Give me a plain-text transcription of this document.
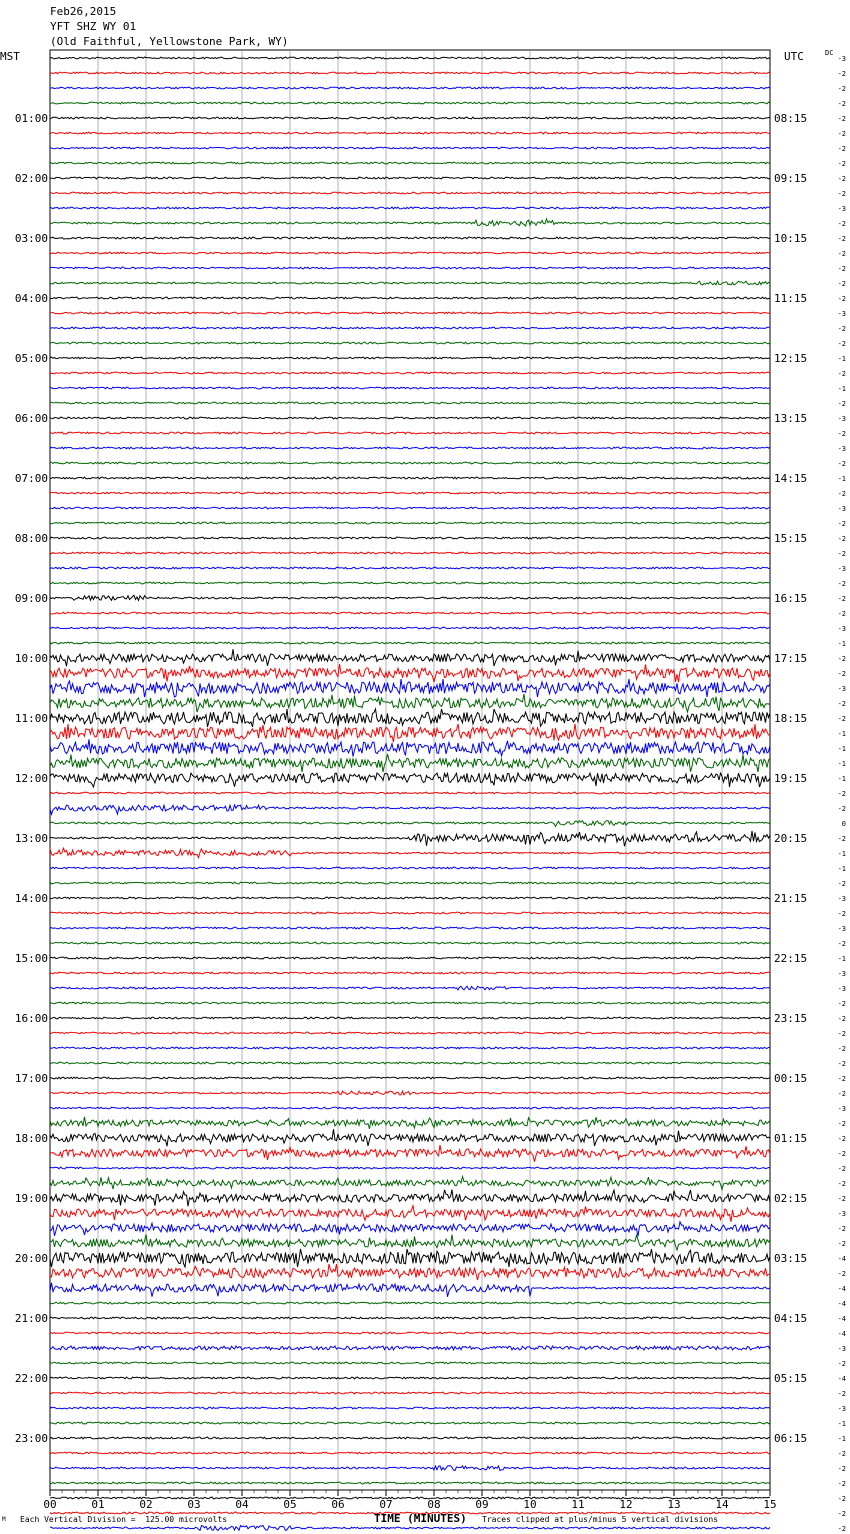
Feb26,2015
YFT SHZ WY 01
(Old Faithful, Yellowstone Park, WY)
MST	UTC	DC
00	01	02	03	04	05	06	07	08	09	10	11	12	13	14	15
-3
-2
-2
-2
-2
-2
-2
-2
-2
-2
-3
-2
-2
-2
-2
-2
-2
-3
-2
-2
-1
-2
-1
-2
-3
-2
-3
-2
-1
-2
-3
-2
-2
-2
-3
-2
-2
-2
-3
-1
-2
-2
-3
-2
-2
-1
-1
-1
-1
-2
-2
0
-2
-1
-1
-2
-3
-2
-3
-2
-1
-3
-3
-2
-2
-2
-2
-2
-2
-2
-3
-2
-2
-2
-2
-2
-2
-3
-2
-2
-4
-2
-4
-4
-4
-4
-3
-2
-4
-2
-3
-1
-1
-2
-2
-2
-2
-2
-2
01:00	08:15
02:00	09:15
03:00	10:15
04:00	11:15
05:00	12:15
06:00	13:15
07:00	14:15
08:00	15:15
09:00	16:15
10:00	17:15
11:00	18:15
12:00	19:15
13:00	20:15
14:00	21:15
15:00	22:15
16:00	23:15
17:00	00:15
18:00	01:15
19:00	02:15
20:00	03:15
21:00	04:15
22:00	05:15
23:00	06:15
M Each Vertical Division =  125.00 microvolts	TIME (MINUTES) Traces clipped at plus/minus 5 vertical divisions
